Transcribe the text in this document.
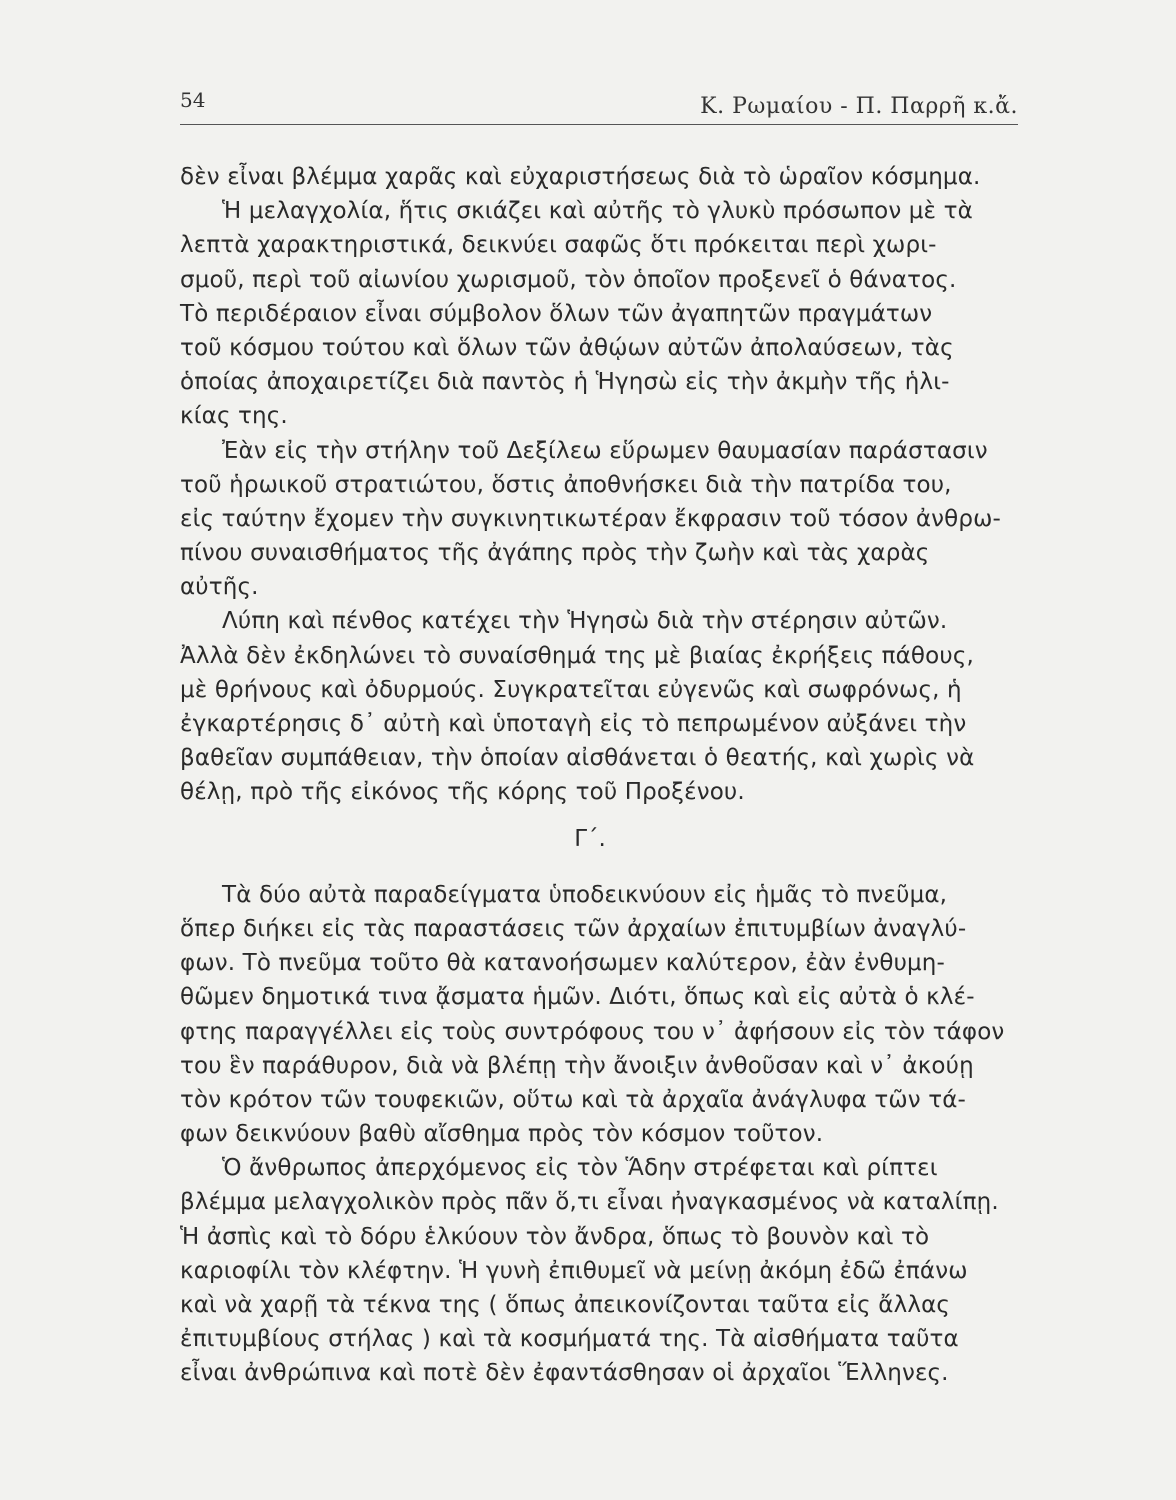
54	Κ. Ρωμαίου - Π. Παρρῆ κ.ἄ.
δὲν εἶναι βλέμμα χαρᾶς καὶ εὐχαριστήσεως διὰ τὸ ὡραῖον κόσμημα.
Ἡ μελαγχολία, ἥτις σκιάζει καὶ αὐτῆς τὸ γλυκὺ πρόσωπον μὲ τὰ
λεπτὰ χαρακτηριστικά, δεικνύει σαφῶς ὅτι πρόκειται περὶ χωρι-
σμοῦ, περὶ τοῦ αἰωνίου χωρισμοῦ, τὸν ὁποῖον προξενεῖ ὁ θάνατος.
Τὸ περιδέραιον εἶναι σύμβολον ὅλων τῶν ἀγαπητῶν πραγμάτων
τοῦ κόσμου τούτου καὶ ὅλων τῶν ἀθῴων αὐτῶν ἀπολαύσεων, τὰς
ὁποίας ἀποχαιρετίζει διὰ παντὸς ἡ Ἡγησὼ εἰς τὴν ἀκμὴν τῆς ἡλι-
κίας της.
Ἐὰν εἰς τὴν στήλην τοῦ Δεξίλεω εὕρωμεν θαυμασίαν παράστασιν
τοῦ ἡρωικοῦ στρατιώτου, ὅστις ἀποθνήσκει διὰ τὴν πατρίδα του,
εἰς ταύτην ἔχομεν τὴν συγκινητικωτέραν ἔκφρασιν τοῦ τόσον ἀνθρω-
πίνου συναισθήματος τῆς ἀγάπης πρὸς τὴν ζωὴν καὶ τὰς χαρὰς
αὐτῆς.
Λύπη καὶ πένθος κατέχει τὴν Ἡγησὼ διὰ τὴν στέρησιν αὐτῶν.
Ἀλλὰ δὲν ἐκδηλώνει τὸ συναίσθημά της μὲ βιαίας ἐκρήξεις πάθους,
μὲ θρήνους καὶ ὀδυρμούς. Συγκρατεῖται εὐγενῶς καὶ σωφρόνως, ἡ
ἐγκαρτέρησις δ᾽ αὐτὴ καὶ ὑποταγὴ εἰς τὸ πεπρωμένον αὐξάνει τὴν
βαθεῖαν συμπάθειαν, τὴν ὁποίαν αἰσθάνεται ὁ θεατής, καὶ χωρὶς νὰ
θέλῃ, πρὸ τῆς εἰκόνος τῆς κόρης τοῦ Προξένου.
Γ΄.
Τὰ δύο αὐτὰ παραδείγματα ὑποδεικνύουν εἰς ἡμᾶς τὸ πνεῦμα,
ὅπερ διήκει εἰς τὰς παραστάσεις τῶν ἀρχαίων ἐπιτυμβίων ἀναγλύ-
φων. Τὸ πνεῦμα τοῦτο θὰ κατανοήσωμεν καλύτερον, ἐὰν ἐνθυμη-
θῶμεν δημοτικά τινα ᾄσματα ἡμῶν. Διότι, ὅπως καὶ εἰς αὐτὰ ὁ κλέ-
φτης παραγγέλλει εἰς τοὺς συντρόφους του ν᾽ ἀφήσουν εἰς τὸν τάφον
του ἓν παράθυρον, διὰ νὰ βλέπῃ τὴν ἄνοιξιν ἀνθοῦσαν καὶ ν᾽ ἀκούῃ
τὸν κρότον τῶν τουφεκιῶν, οὕτω καὶ τὰ ἀρχαῖα ἀνάγλυφα τῶν τά-
φων δεικνύουν βαθὺ αἴσθημα πρὸς τὸν κόσμον τοῦτον.
Ὁ ἄνθρωπος ἀπερχόμενος εἰς τὸν Ἅδην στρέφεται καὶ ρίπτει
βλέμμα μελαγχολικὸν πρὸς πᾶν ὅ,τι εἶναι ἠναγκασμένος νὰ καταλίπῃ.
Ἡ ἀσπὶς καὶ τὸ δόρυ ἑλκύουν τὸν ἄνδρα, ὅπως τὸ βουνὸν καὶ τὸ
καριοφίλι τὸν κλέφτην. Ἡ γυνὴ ἐπιθυμεῖ νὰ μείνῃ ἀκόμη ἐδῶ ἐπάνω
καὶ νὰ χαρῇ τὰ τέκνα της ( ὅπως ἀπεικονίζονται ταῦτα εἰς ἄλλας
ἐπιτυμβίους στήλας ) καὶ τὰ κοσμήματά της. Τὰ αἰσθήματα ταῦτα
εἶναι ἀνθρώπινα καὶ ποτὲ δὲν ἐφαντάσθησαν οἱ ἀρχαῖοι Ἕλληνες.
